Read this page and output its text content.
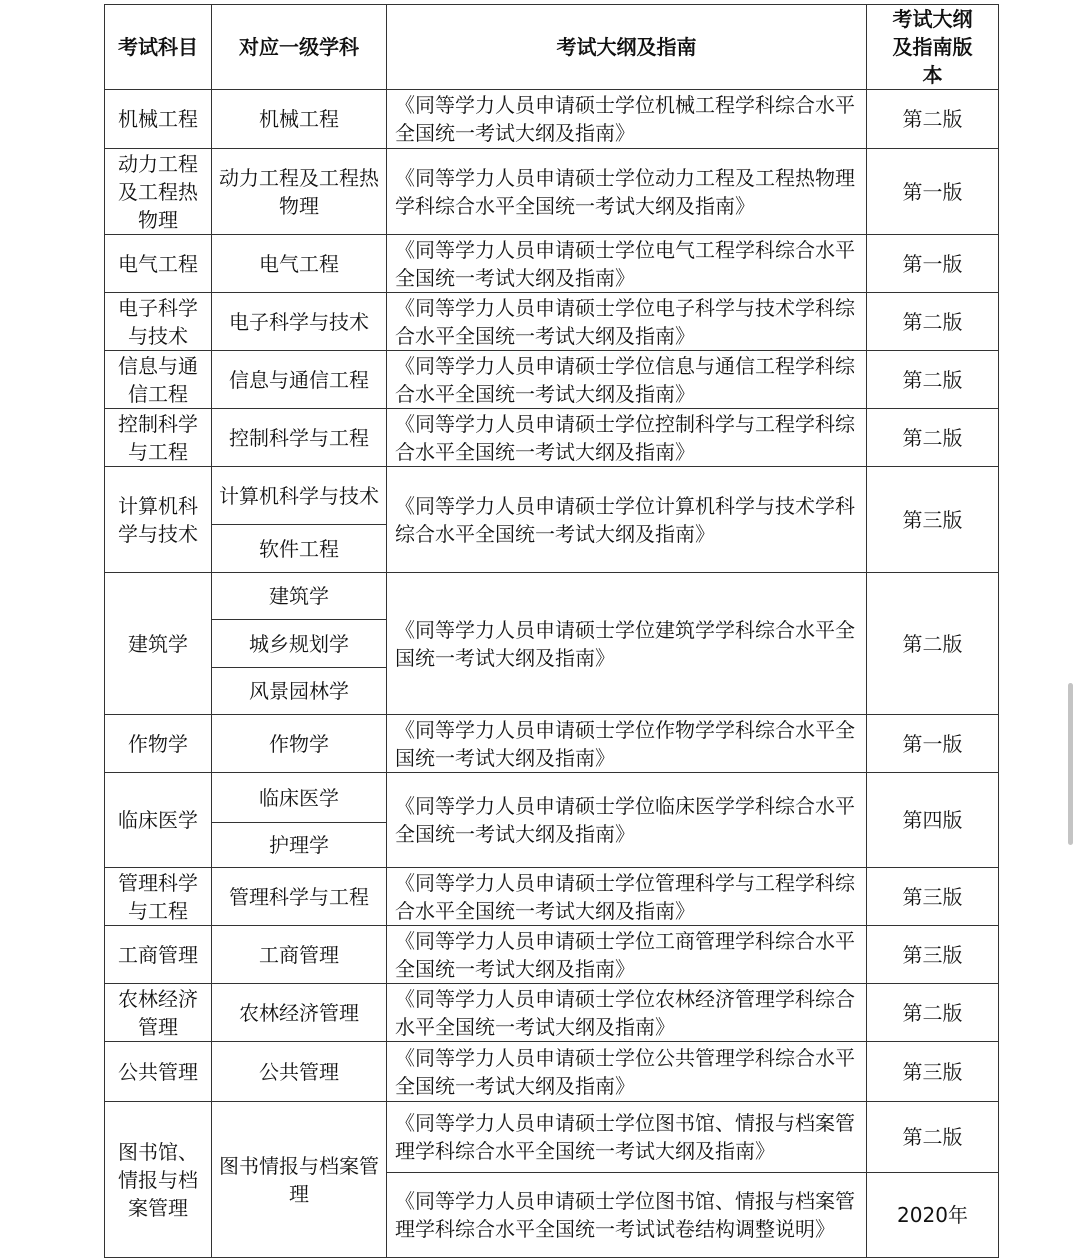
考试科目	对应一级学科	考试大纲及指南	考试大纲及指南版本
机械工程	机械工程	《同等学力人员申请硕士学位机械工程学科综合水平全国统一考试大纲及指南》	第二版
动力工程及工程热物理	动力工程及工程热物理	《同等学力人员申请硕士学位动力工程及工程热物理学科综合水平全国统一考试大纲及指南》	第一版
电气工程	电气工程	《同等学力人员申请硕士学位电气工程学科综合水平全国统一考试大纲及指南》	第一版
电子科学与技术	电子科学与技术	《同等学力人员申请硕士学位电子科学与技术学科综合水平全国统一考试大纲及指南》	第二版
信息与通信工程	信息与通信工程	《同等学力人员申请硕士学位信息与通信工程学科综合水平全国统一考试大纲及指南》	第二版
控制科学与工程	控制科学与工程	《同等学力人员申请硕士学位控制科学与工程学科综合水平全国统一考试大纲及指南》	第二版
计算机科学与技术	计算机科学与技术	《同等学力人员申请硕士学位计算机科学与技术学科综合水平全国统一考试大纲及指南》	第三版
	软件工程		
建筑学	建筑学	《同等学力人员申请硕士学位建筑学学科综合水平全国统一考试大纲及指南》	第二版
	城乡规划学		
	风景园林学		
作物学	作物学	《同等学力人员申请硕士学位作物学学科综合水平全国统一考试大纲及指南》	第一版
临床医学	临床医学	《同等学力人员申请硕士学位临床医学学科综合水平全国统一考试大纲及指南》	第四版
	护理学		
管理科学与工程	管理科学与工程	《同等学力人员申请硕士学位管理科学与工程学科综合水平全国统一考试大纲及指南》	第三版
工商管理	工商管理	《同等学力人员申请硕士学位工商管理学科综合水平全国统一考试大纲及指南》	第三版
农林经济管理	农林经济管理	《同等学力人员申请硕士学位农林经济管理学科综合水平全国统一考试大纲及指南》	第二版
公共管理	公共管理	《同等学力人员申请硕士学位公共管理学科综合水平全国统一考试大纲及指南》	第三版
图书馆、情报与档案管理	图书情报与档案管理	《同等学力人员申请硕士学位图书馆、情报与档案管理学科综合水平全国统一考试大纲及指南》	第二版
		《同等学力人员申请硕士学位图书馆、情报与档案管理学科综合水平全国统一考试试卷结构调整说明》	2020年
